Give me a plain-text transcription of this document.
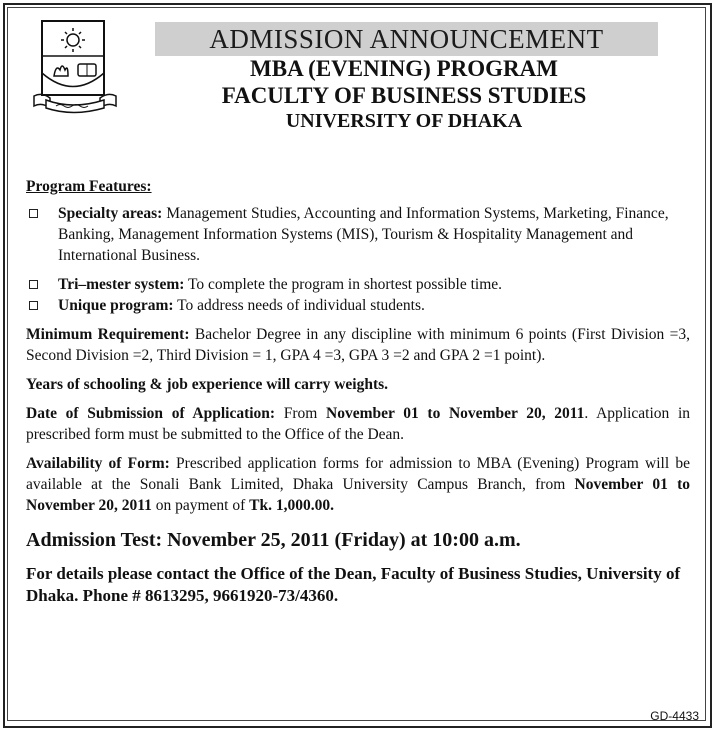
ADMISSION ANNOUNCEMENT
MBA (EVENING) PROGRAM
FACULTY OF BUSINESS STUDIES
UNIVERSITY OF DHAKA
Program Features:
Specialty areas: Management Studies, Accounting and Information Systems, Marketing, Finance, Banking, Management Information Systems (MIS), Tourism & Hospitality Management and International Business.
Tri–mester system: To complete the program in shortest possible time.
Unique program: To address needs of individual students.
Minimum Requirement: Bachelor Degree in any discipline with minimum 6 points (First Division =3, Second Division =2, Third Division = 1, GPA 4 =3, GPA 3 =2 and GPA 2 =1 point).
Years of schooling & job experience will carry weights.
Date of Submission of Application: From November 01 to November 20, 2011. Application in prescribed form must be submitted to the Office of the Dean.
Availability of Form: Prescribed application forms for admission to MBA (Evening) Program will be available at the Sonali Bank Limited, Dhaka University Campus Branch, from November 01 to November 20, 2011 on payment of Tk. 1,000.00.
Admission Test: November 25, 2011 (Friday) at 10:00 a.m.
For details please contact the Office of the Dean, Faculty of Business Studies, University of Dhaka. Phone # 8613295, 9661920-73/4360.
GD-4433
